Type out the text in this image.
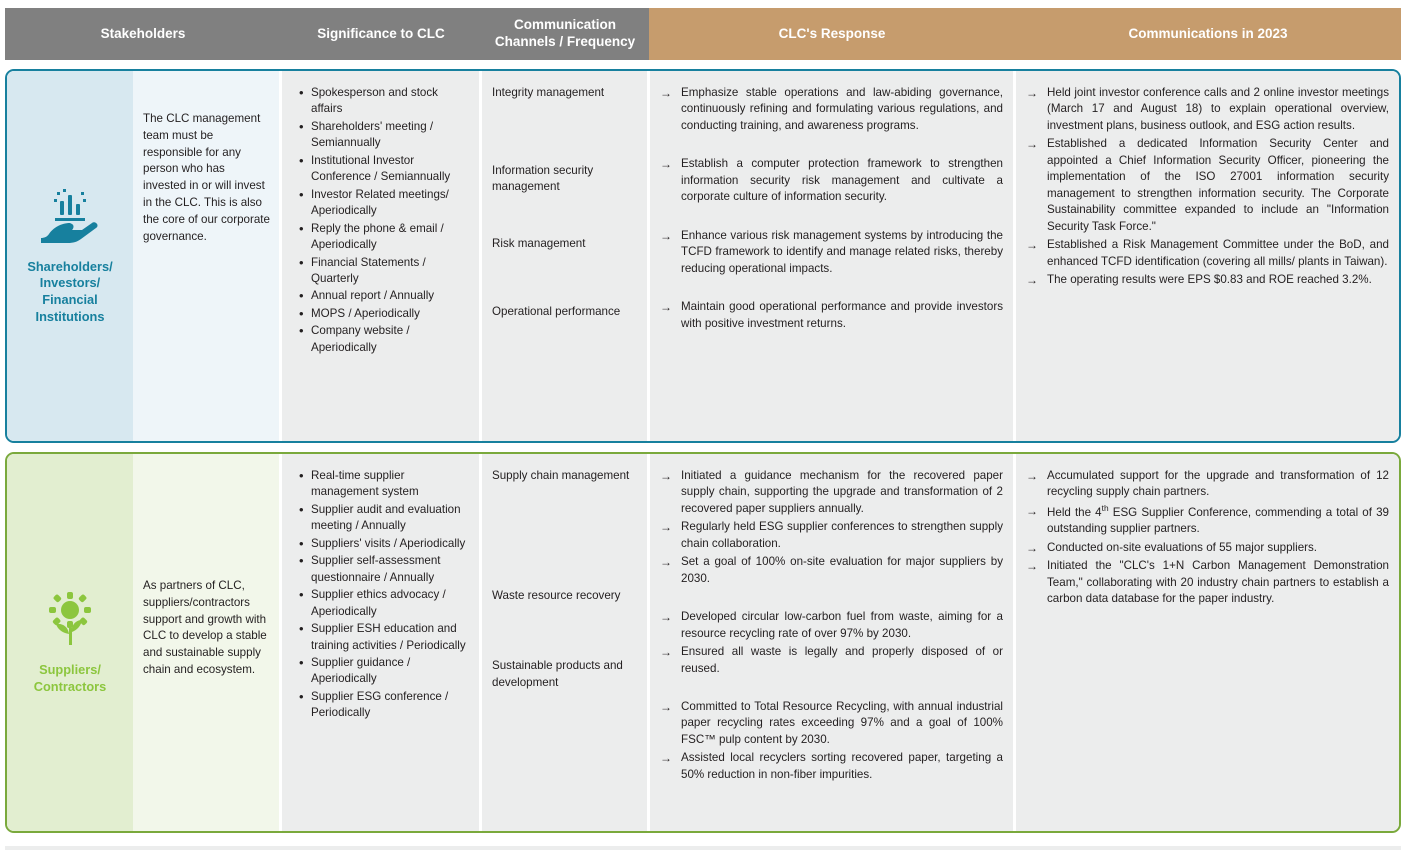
Stakeholders	Significance to CLC
Communication Channels / Frequency
CLC's Response	Communications in 2023
Shareholders/ Investors/ Financial Institutions
The CLC management team must be responsible for any person who has invested in or will invest in the CLC. This is also the core of our corporate governance.
• Spokesperson and stock affairs
• Shareholders' meeting / Semiannually
• Institutional Investor Conference / Semiannually
• Investor Related meetings/ Aperiodically
• Reply the phone & email / Aperiodically
• Financial Statements / Quarterly
• Annual report / Annually
• MOPS / Aperiodically
• Company website / Aperiodically
Integrity management
Information security management
Risk management
Operational performance
→ Emphasize stable operations and law-abiding governance, continuously refining and formulating various regulations, and conducting training, and awareness programs.
→ Establish a computer protection framework to strengthen information security risk management and cultivate a corporate culture of information security.
→ Enhance various risk management systems by introducing the TCFD framework to identify and manage related risks, thereby reducing operational impacts.
→ Maintain good operational performance and provide investors with positive investment returns.
→ Held joint investor conference calls and 2 online investor meetings (March 17 and August 18) to explain operational overview, investment plans, business outlook, and ESG action results.
→ Established a dedicated Information Security Center and appointed a Chief Information Security Officer, pioneering the implementation of the ISO 27001 information security management to strengthen information security. The Corporate Sustainability committee expanded to include an "Information Security Task Force."
→ Established a Risk Management Committee under the BoD, and enhanced TCFD identification (covering all mills/ plants in Taiwan).
→ The operating results were EPS $0.83 and ROE reached 3.2%.
Suppliers/ Contractors
As partners of CLC, suppliers/contractors support and growth with CLC to develop a stable and sustainable supply chain and ecosystem.
• Real-time supplier management system
• Supplier audit and evaluation meeting / Annually
• Suppliers' visits / Aperiodically
• Supplier self-assessment questionnaire / Annually
• Supplier ethics advocacy / Aperiodically
• Supplier ESH education and training activities / Periodically
• Supplier guidance / Aperiodically
• Supplier ESG conference / Periodically
Supply chain management
Waste resource recovery
Sustainable products and development
→ Initiated a guidance mechanism for the recovered paper supply chain, supporting the upgrade and transformation of 2 recovered paper suppliers annually.
→ Regularly held ESG supplier conferences to strengthen supply chain collaboration.
→ Set a goal of 100% on-site evaluation for major suppliers by 2030.
→ Developed circular low-carbon fuel from waste, aiming for a resource recycling rate of over 97% by 2030.
→ Ensured all waste is legally and properly disposed of or reused.
→ Committed to Total Resource Recycling, with annual industrial paper recycling rates exceeding 97% and a goal of 100% FSC™ pulp content by 2030.
→ Assisted local recyclers sorting recovered paper, targeting a 50% reduction in non-fiber impurities.
→ Accumulated support for the upgrade and transformation of 12 recycling supply chain partners.
→ Held the 4th ESG Supplier Conference, commending a total of 39 outstanding supplier partners.
→ Conducted on-site evaluations of 55 major suppliers.
→ Initiated the "CLC's 1+N Carbon Management Demonstration Team," collaborating with 20 industry chain partners to establish a carbon data database for the paper industry.
